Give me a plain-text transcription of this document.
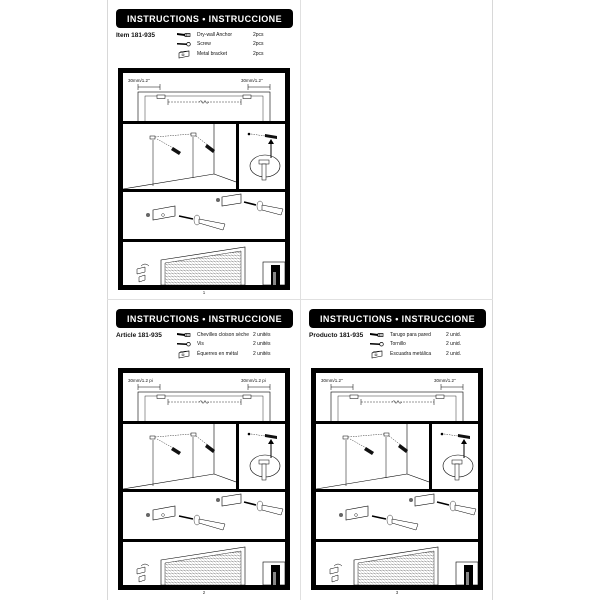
INSTRUCTIONS • INSTRUCCIONE
Item 181-935	Dry-wall Anchor	2pcs
Screw	2pcs
Metal bracket	2pcs
30mm/1.2"	30mm/1.2"
1
INSTRUCTIONS • INSTRUCCIONE
Article 181-935	Chevilles cloison sèche 2 unités
Vis	2 unités
Équerres en métal	2 unités
30mm/1.2 pi	30mm/1.2 pi
2
INSTRUCTIONS • INSTRUCCIONE
Producto 181-935	Tarugo para pared	2 unid.
Tornillo	2 unid.
Escuadra metálica	2 unid.
30mm/1.2"	30mm/1.2"
3
